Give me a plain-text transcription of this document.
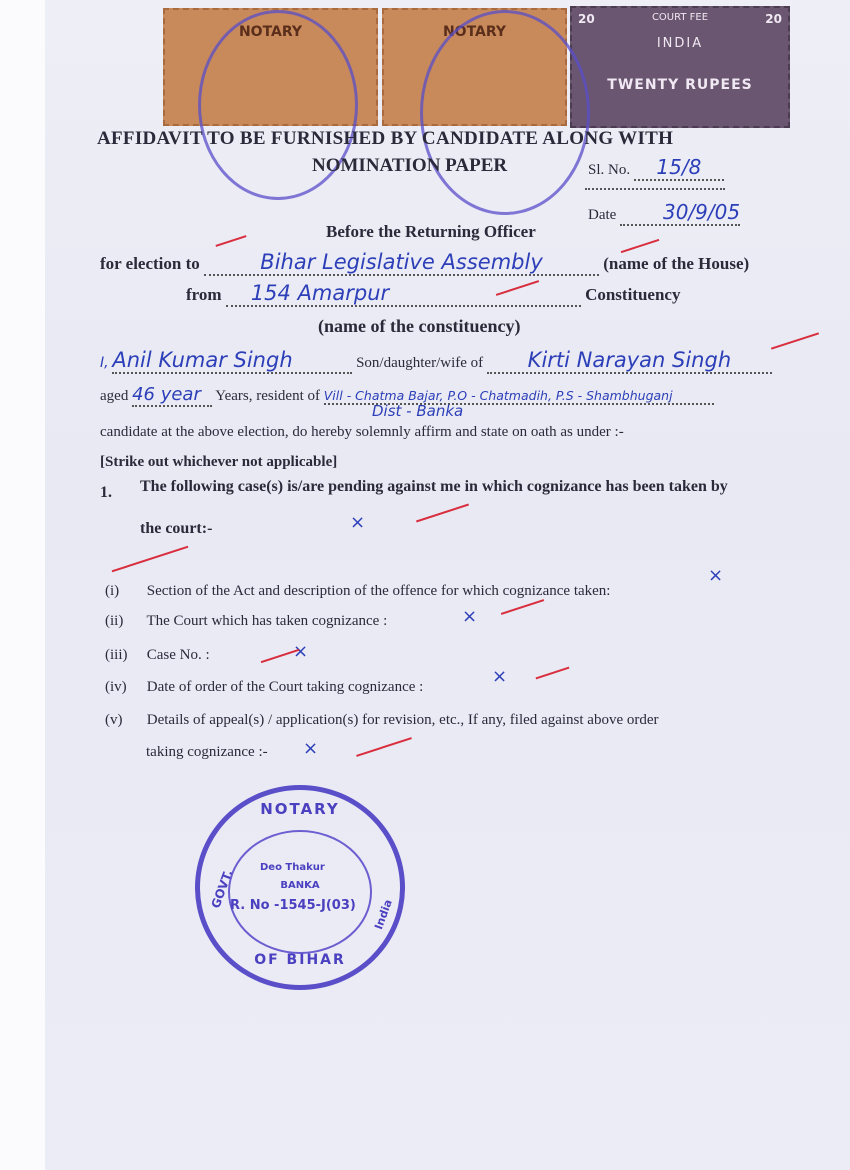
NOTARY	NOTARY
20	COURT FEE	20
INDIA
TWENTY RUPEES
AFFIDAVIT TO BE FURNISHED BY CANDIDATE ALONG WITH
NOMINATION PAPER	Sl. No. 15/8
Date 30/9/05
Before the Returning Officer
for election to	Bihar Legislative Assembly	(name of the House)
from 154 Amarpur	Constituency
(name of the constituency)
I, Anil Kumar Singh	Son/daughter/wife of Kirti Narayan Singh
aged 46 year Years, resident of Vill - Chatma Bajar, P.O - Chatmadih, P.S - Shambhuganj
Dist - Banka
candidate at the above election, do hereby solemnly affirm and state on oath as under :-
[Strike out whichever not applicable]
1. The following case(s) is/are pending against me in which cognizance has been taken by
the court:-	×
(i) Section of the Act and description of the offence for which cognizance taken:
×
(ii) The Court which has taken cognizance :	×
(iii) Case No. :	×
(iv) Date of order of the Court taking cognizance :	×
(v) Details of appeal(s) / application(s) for revision, etc., If any, filed against above order
taking cognizance :- ×
NOTARY
Deo Thakur
BANKA
R. No -1545-J(03)
GOVT.
OF BIHAR
India
